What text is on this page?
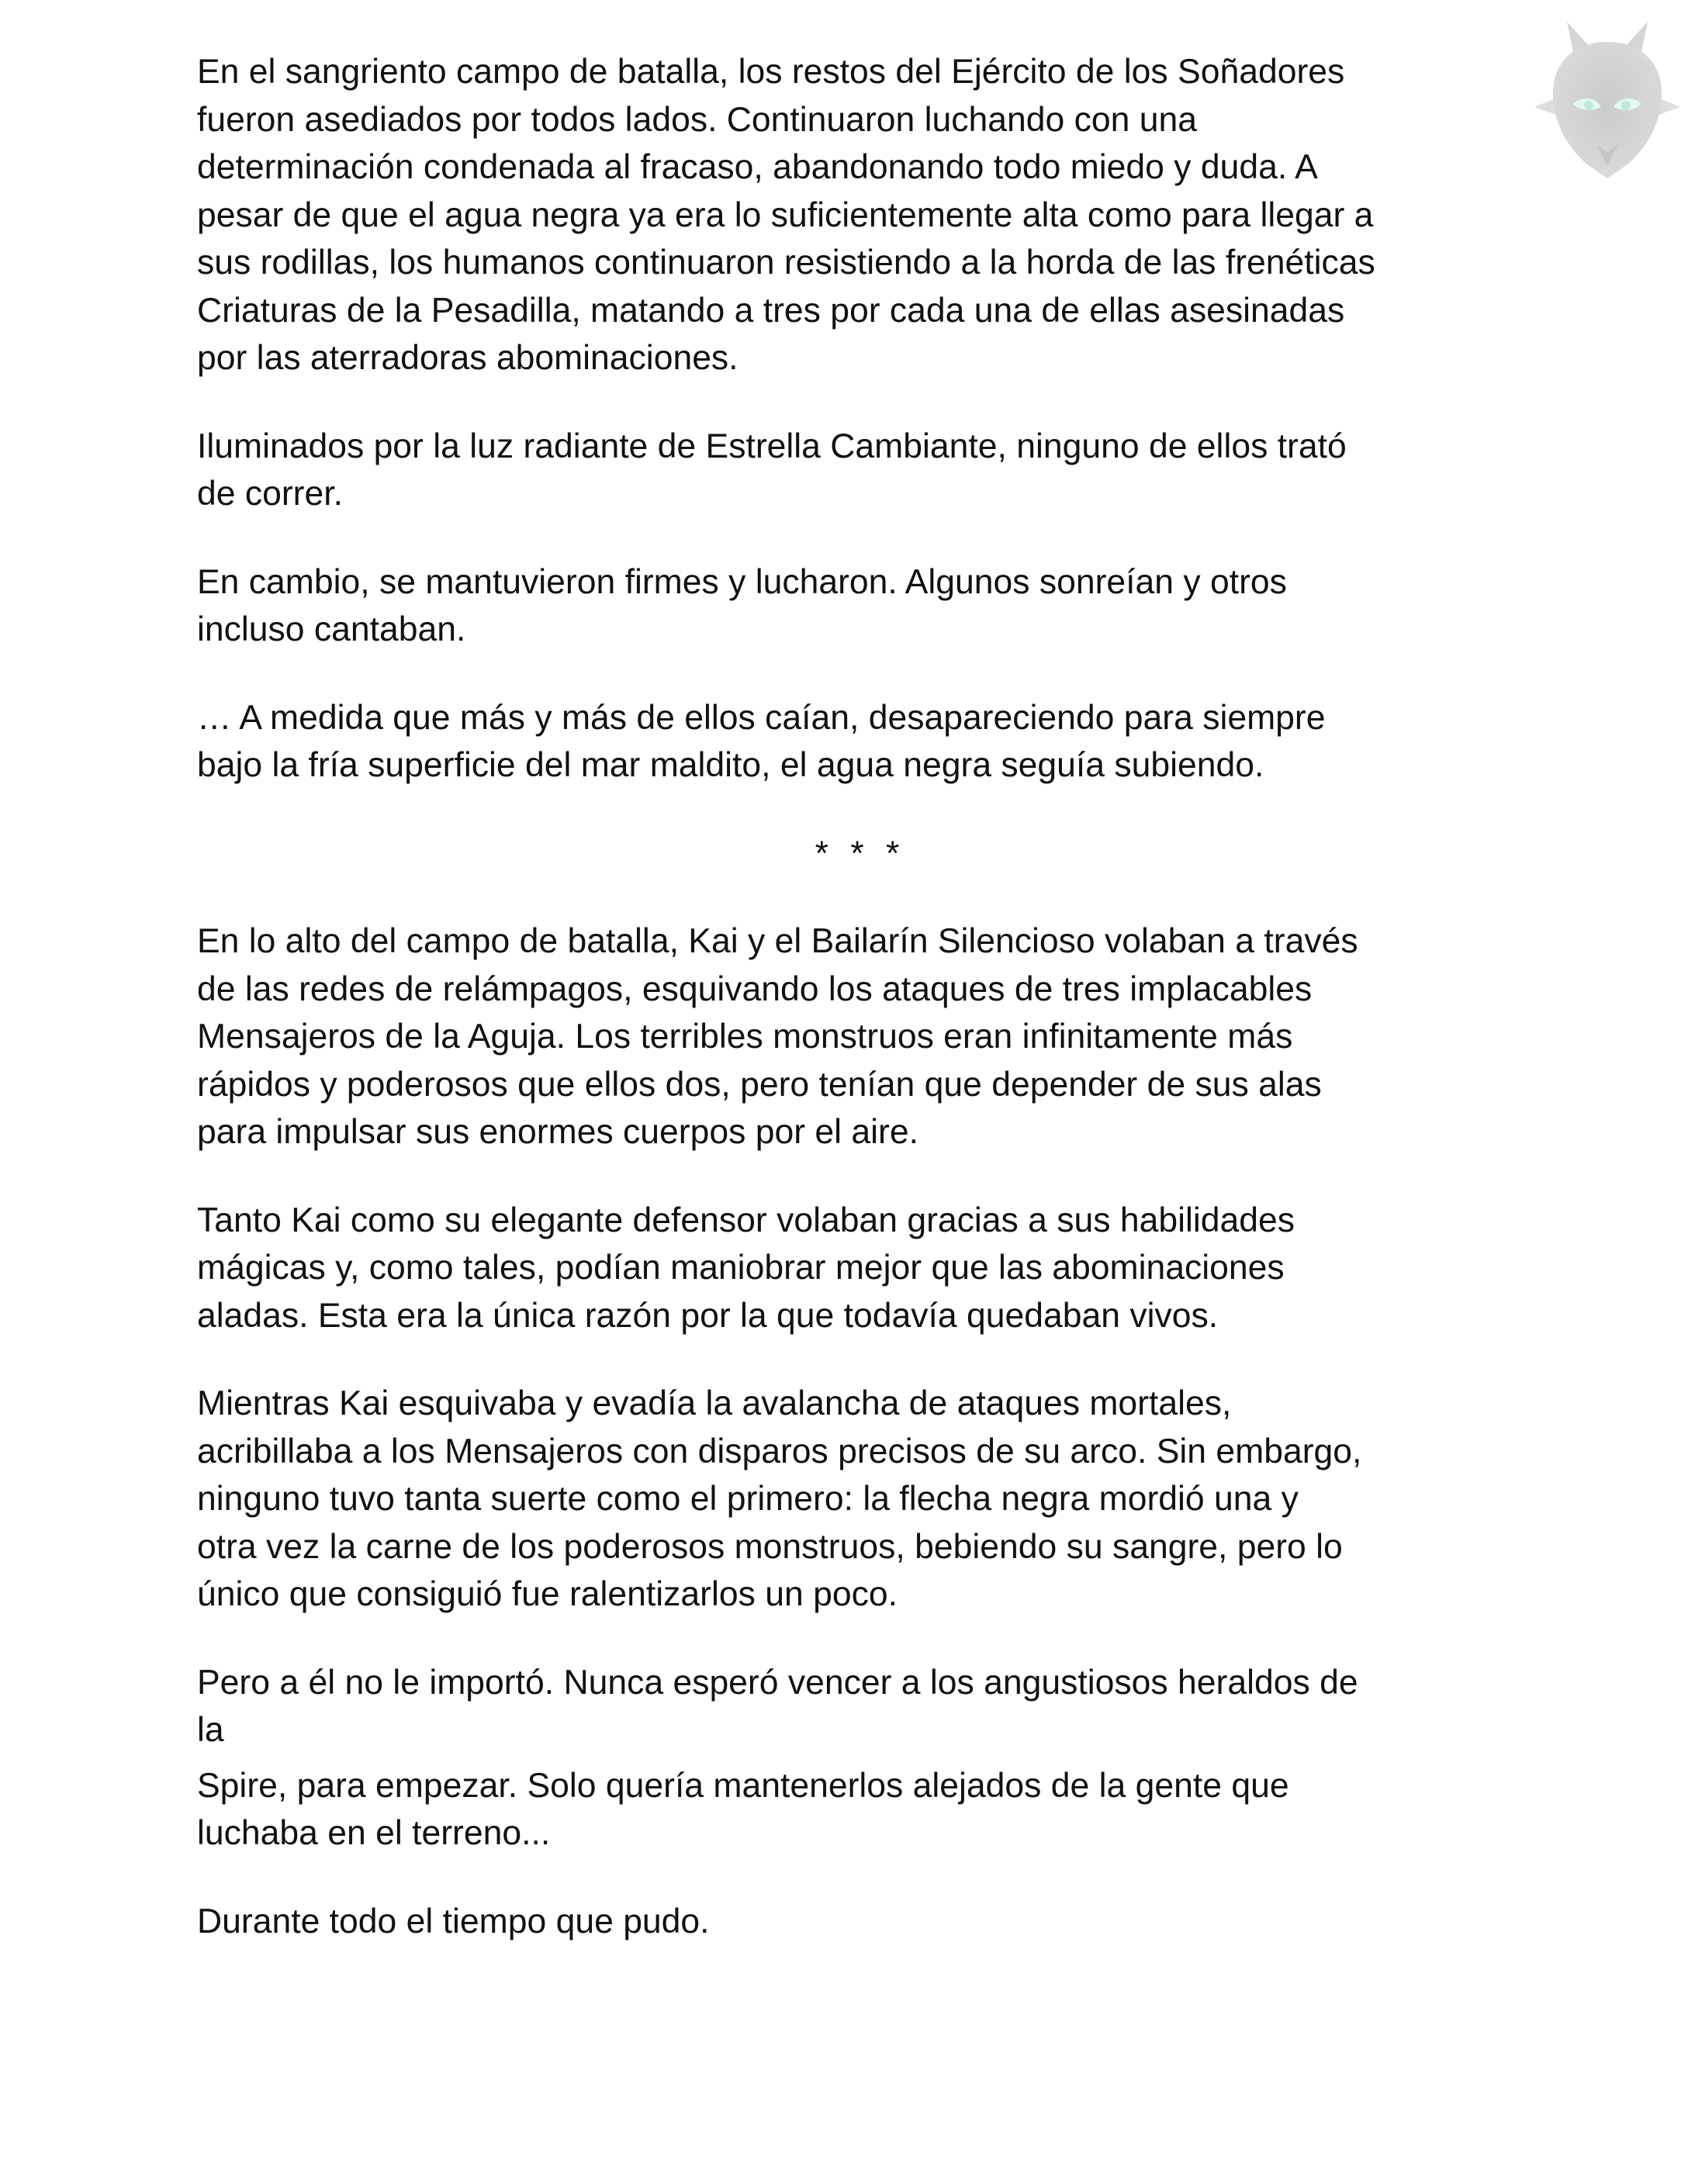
En el sangriento campo de batalla, los restos del Ejército de los Soñadores
fueron asediados por todos lados. Continuaron luchando con una
determinación condenada al fracaso, abandonando todo miedo y duda. A
pesar de que el agua negra ya era lo suficientemente alta como para llegar a
sus rodillas, los humanos continuaron resistiendo a la horda de las frenéticas
Criaturas de la Pesadilla, matando a tres por cada una de ellas asesinadas
por las aterradoras abominaciones.

Iluminados por la luz radiante de Estrella Cambiante, ninguno de ellos trató
de correr.

En cambio, se mantuvieron firmes y lucharon. Algunos sonreían y otros
incluso cantaban.

… A medida que más y más de ellos caían, desapareciendo para siempre
bajo la fría superficie del mar maldito, el agua negra seguía subiendo.

* * *

En lo alto del campo de batalla, Kai y el Bailarín Silencioso volaban a través
de las redes de relámpagos, esquivando los ataques de tres implacables
Mensajeros de la Aguja. Los terribles monstruos eran infinitamente más
rápidos y poderosos que ellos dos, pero tenían que depender de sus alas
para impulsar sus enormes cuerpos por el aire.

Tanto Kai como su elegante defensor volaban gracias a sus habilidades
mágicas y, como tales, podían maniobrar mejor que las abominaciones
aladas. Esta era la única razón por la que todavía quedaban vivos.

Mientras Kai esquivaba y evadía la avalancha de ataques mortales,
acribillaba a los Mensajeros con disparos precisos de su arco. Sin embargo,
ninguno tuvo tanta suerte como el primero: la flecha negra mordió una y
otra vez la carne de los poderosos monstruos, bebiendo su sangre, pero lo
único que consiguió fue ralentizarlos un poco.

Pero a él no le importó. Nunca esperó vencer a los angustiosos heraldos de
la

Spire, para empezar. Solo quería mantenerlos alejados de la gente que
luchaba en el terreno...

Durante todo el tiempo que pudo.
